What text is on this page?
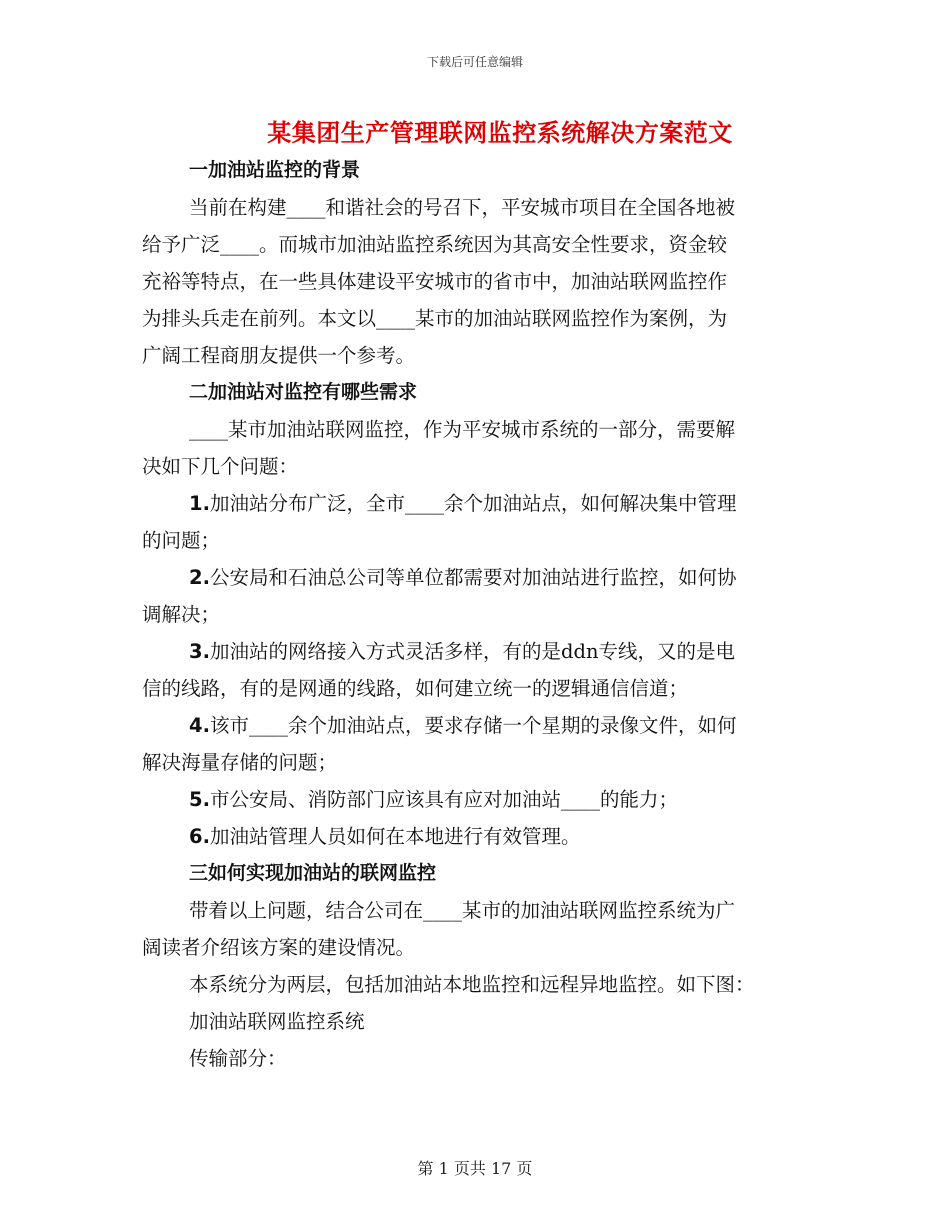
下载后可任意编辑
某集团生产管理联网监控系统解决方案范文
一加油站监控的背景
当前在构建____和谐社会的号召下，平安城市项目在全国各地被
给予广泛____。而城市加油站监控系统因为其高安全性要求，资金较
充裕等特点，在一些具体建设平安城市的省市中，加油站联网监控作
为排头兵走在前列。本文以____某市的加油站联网监控作为案例，为
广阔工程商朋友提供一个参考。
二加油站对监控有哪些需求
____某市加油站联网监控，作为平安城市系统的一部分，需要解
决如下几个问题：
1.加油站分布广泛，全市____余个加油站点，如何解决集中管理
的问题；
2.公安局和石油总公司等单位都需要对加油站进行监控，如何协
调解决；
3.加油站的网络接入方式灵活多样，有的是ddn专线，又的是电
信的线路，有的是网通的线路，如何建立统一的逻辑通信信道；
4.该市____余个加油站点，要求存储一个星期的录像文件，如何
解决海量存储的问题；
5.市公安局、消防部门应该具有应对加油站____的能力；
6.加油站管理人员如何在本地进行有效管理。
三如何实现加油站的联网监控
带着以上问题，结合公司在____某市的加油站联网监控系统为广
阔读者介绍该方案的建设情况。
本系统分为两层，包括加油站本地监控和远程异地监控。如下图：
加油站联网监控系统
传输部分：
第 1 页共 17 页
